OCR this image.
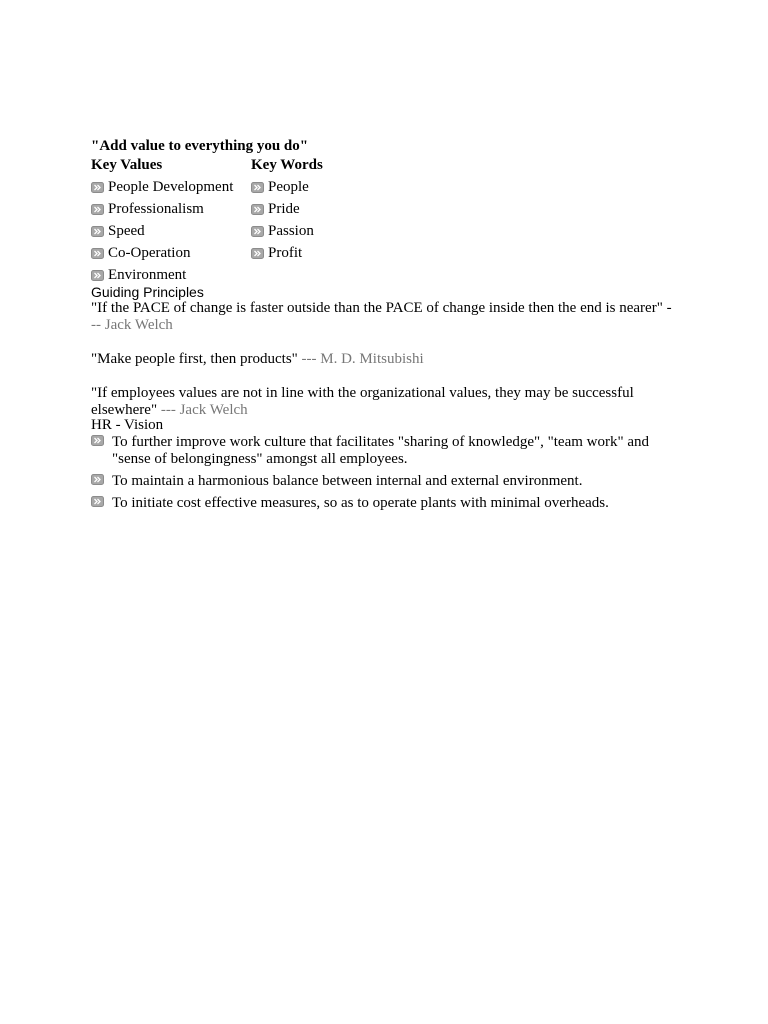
"Add value to everything you do"

Key Values
People Development
Professionalism
Speed
Co-Operation
Environment
Key Words
People
Pride
Passion
Profit
Guiding Principles

"If the PACE of change is faster outside than the PACE of change inside then the end is nearer" -
-- Jack Welch

"Make people first, then products" --- M. D. Mitsubishi

"If employees values are not in line with the organizational values, they may be successful elsewhere" --- Jack Welch

HR - Vision
To further improve work culture that facilitates "sharing of knowledge", "team work" and "sense of belongingness" amongst all employees.
To maintain a harmonious balance between internal and external environment.
To initiate cost effective measures, so as to operate plants with minimal overheads.
